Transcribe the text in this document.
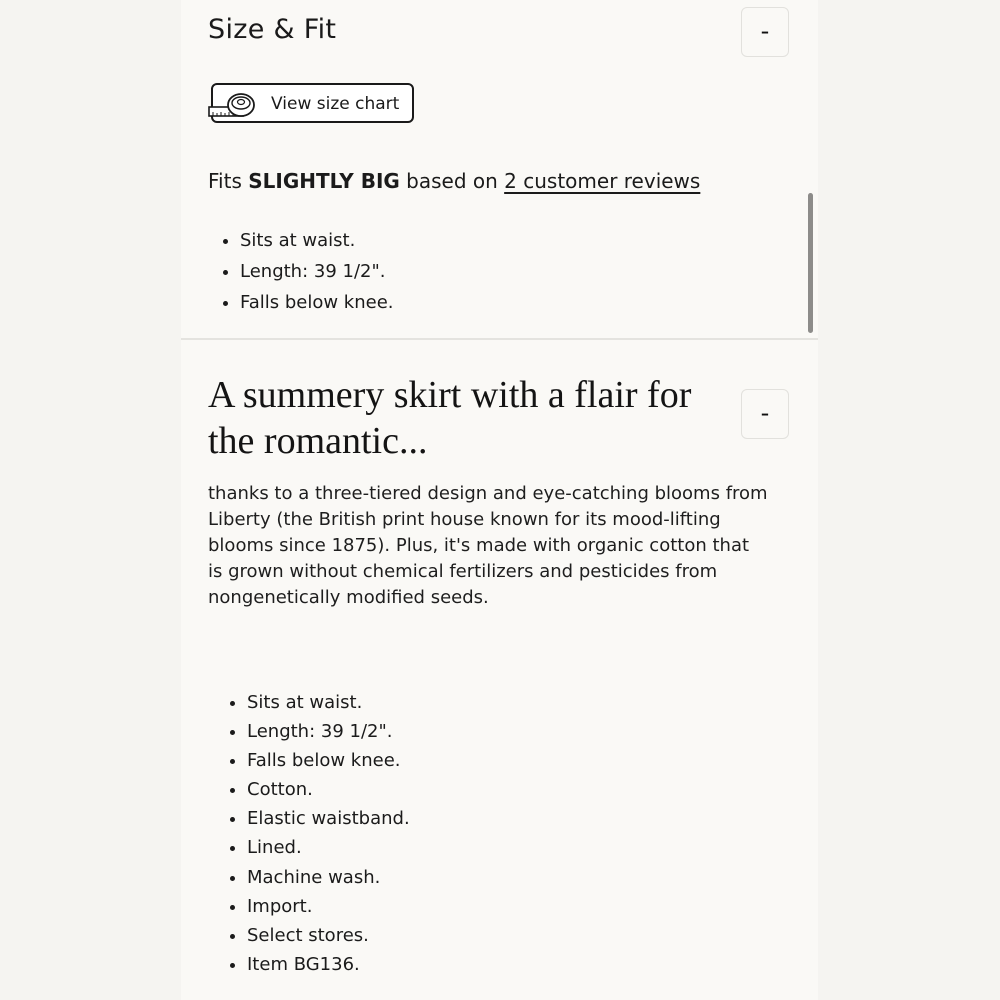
Size & Fit	-
View size chart
Fits SLIGHTLY BIG based on 2 customer reviews
• Sits at waist.
• Length: 39 1/2".
• Falls below knee.
A summery skirt with a flair for the romantic...
-
thanks to a three-tiered design and eye-catching blooms from Liberty (the British print house known for its mood-lifting blooms since 1875). Plus, it's made with organic cotton that is grown without chemical fertilizers and pesticides from nongenetically modified seeds.
• Sits at waist.
• Length: 39 1/2".
• Falls below knee.
• Cotton.
• Elastic waistband.
• Lined.
• Machine wash.
• Import.
• Select stores.
• Item BG136.
